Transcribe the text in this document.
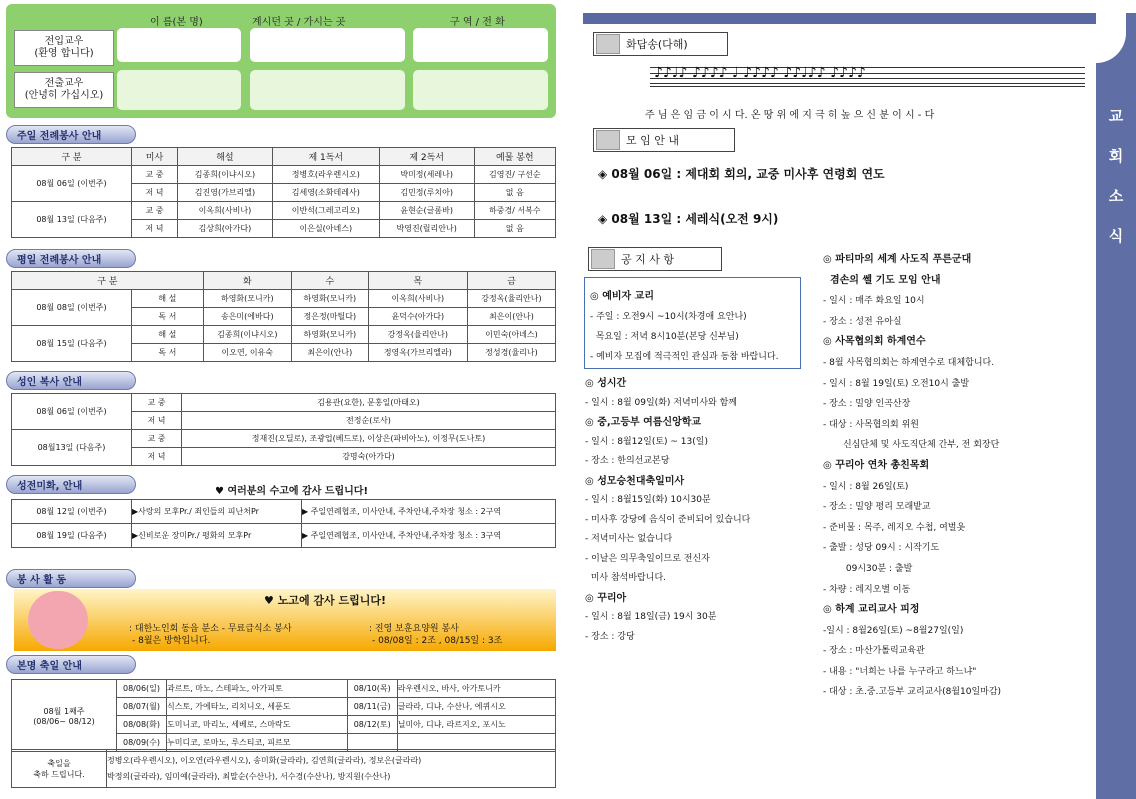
이 름(본 명)	계시던 곳 / 가시는 곳	구 역 / 전 화
전입교우
(환영 합니다)
전출교우
(안녕히 가십시오)
주일 전례봉사 안내
구 분	미사	해설	제 1독서	제 2독서	예물 봉헌
08월 06일 (이번주)	교 중	김종희(이냐시오)	정병호(라우렌시오)	박미정(세레나)	김영진/ 구선순
	저 녁	김진영(가브리엘)	김세영(소화데레사)	김민정(루치아)	없 음
08월 13일 (다음주)	교 중	이옥희(사비나)	이반석(그레고리오)	윤현순(글롬바)	하중경/ 서복수
	저 녁	김상희(아가다)	이은실(아녜스)	박영진(릴리안나)	없 음
평일 전례봉사 안내
구 분		화	수	목	금
08월 08일 (이번주)	해 설	하영화(모니카)	하영화(모니카)	이옥희(사비나)	강정옥(율리안나)
	독 서	송은미(에바다)	정은정(마틸다)	윤덕수(아가다)	최은이(안나)
08월 15일 (다음주)	해 설	김종희(이냐시오)	하영화(모니카)	강정옥(율리안나)	이민숙(아녜스)
	독 서	이오연, 이유숙	최은이(안나)	정영옥(가브리엘라)	정성경(율리나)
성인 복사 안내
08월 06일 (이번주)	교 중	김용관(요한), 문홍일(마태오)
	저 녁	전정순(로사)
08월13일 (다음주)	교 중	정재진(오딜로), 조광업(베드로), 이상은(파비아노), 이정무(도나토)
	저 녁	강명숙(아가다)
성전미화, 안내	♥ 여러분의 수고에 감사 드립니다!
08월 12일 (이번주)	▶사랑의 모후Pr./ 죄인들의 피난처Pr	▶ 주일연례협조, 미사안내, 주차안내,주차장 청소 : 2구역
08월 19일 (다음주)	▶신비로운 장미Pr./ 평화의 모후Pr	▶ 주일연례협조, 미사안내, 주차안내,주차장 청소 : 3구역
봉 사 활 동
♥ 노고에 감사 드립니다!
: 대한노인회 동읍 분소 - 무료급식소 봉사
- 8월은 방학입니다.
: 진영 보훈요양원 봉사
- 08/08일 : 2조 , 08/15일 : 3조
본명 축일 안내
08월 1째주
(08/06~ 08/12)	08/06(일)	과르트, 마노, 스테파노, 아가피토	08/10(목)	라우렌시오, 바사, 아가토니카
	08/07(월)	식스토, 가에타노, 리치니오, 세푼도	08/11(금)	글라라, 디냐, 수산나, 에퀴시오
	08/08(화)	도미니코, 마리노, 세베로, 스마락도	08/12(토)	닐미아, 디냐, 라르지오, 포시노
	08/09(수)	누미디코, 로마노, 루스티코, 피르모		
축일을
축하 드립니다.	
정병오(라우렌시오), 이오연(라우렌시오), 송미화(글라라), 김연희(글라라), 정보은(글라라)
박정의(글라라), 임미예(글라라), 최말순(수산나), 서수경(수산나), 방지원(수산나)
교회소식
화답송(다해)
♪♪♩♪ ♪♪♪♪ ♩ ♪♪♪♪ ♪♪♩♪♪ ♪♪♪♪
주 님 은 임 금 이 시 다. 온 땅 위 에 지 극 히 높 으 신 분 이 시 - 다
모 임 안 내
◈ 08월 06일 : 제대회 회의, 교중 미사후 연령회 연도
◈ 08월 13일 : 세레식(오전 9시)
공 지 사 항
◎ 예비자 교리
- 주일 : 오전9시 ~10시(차경애 요안나)
목요일 : 저녁 8시10분(본당 신부님)
- 예비자 모집에 적극적인 관심과 동참 바랍니다.
◎ 성시간
- 일시 : 8월 09일(화) 저녁미사와 함께
◎ 중,고등부 여름신앙학교
- 일시 : 8월12일(토) ~ 13(일)
- 장소 : 한의선교본당
◎ 성모승천대축일미사
- 일시 : 8월15일(화) 10시30분
- 미사후 강당에 음식이 준비되어 있습니다
- 저녁미사는 없습니다
- 이날은 의무축일이므로 전신자
미사 참석바랍니다.
◎ 꾸리아
- 일시 : 8월 18일(금) 19시 30분
- 장소 : 강당
◎ 파티마의 세계 사도직 푸른군대
겸손의 쎌 기도 모임 안내
- 일시 : 매주 화요일 10시
- 장소 : 성전 유아실
◎ 사목협의회 하계연수
- 8월 사목협의회는 하계연수로 대체합니다.
- 일시 : 8월 19일(토) 오전10시 출발
- 장소 : 밀양 인곡산장
- 대상 : 사목협의회 위원
신심단체 및 사도직단체 간부, 전 회장단
◎ 꾸리아 연차 총친목회
- 일시 : 8월 26일(토)
- 장소 : 밀양 평리 모래밭교
- 준비물 : 목주, 레지오 수첩, 여벌옷
- 출발 : 성당 09시 : 시작기도
09시30분 : 출발
- 차량 : 레지오별 이동
◎ 하계 교리교사 피정
-일시 : 8월26일(토) ~8월27일(일)
- 장소 : 마산가톨릭교육관
- 내용 : "너희는 나를 누구라고 하느냐"
- 대상 : 초.중.고등부 교리교사(8월10일마감)
